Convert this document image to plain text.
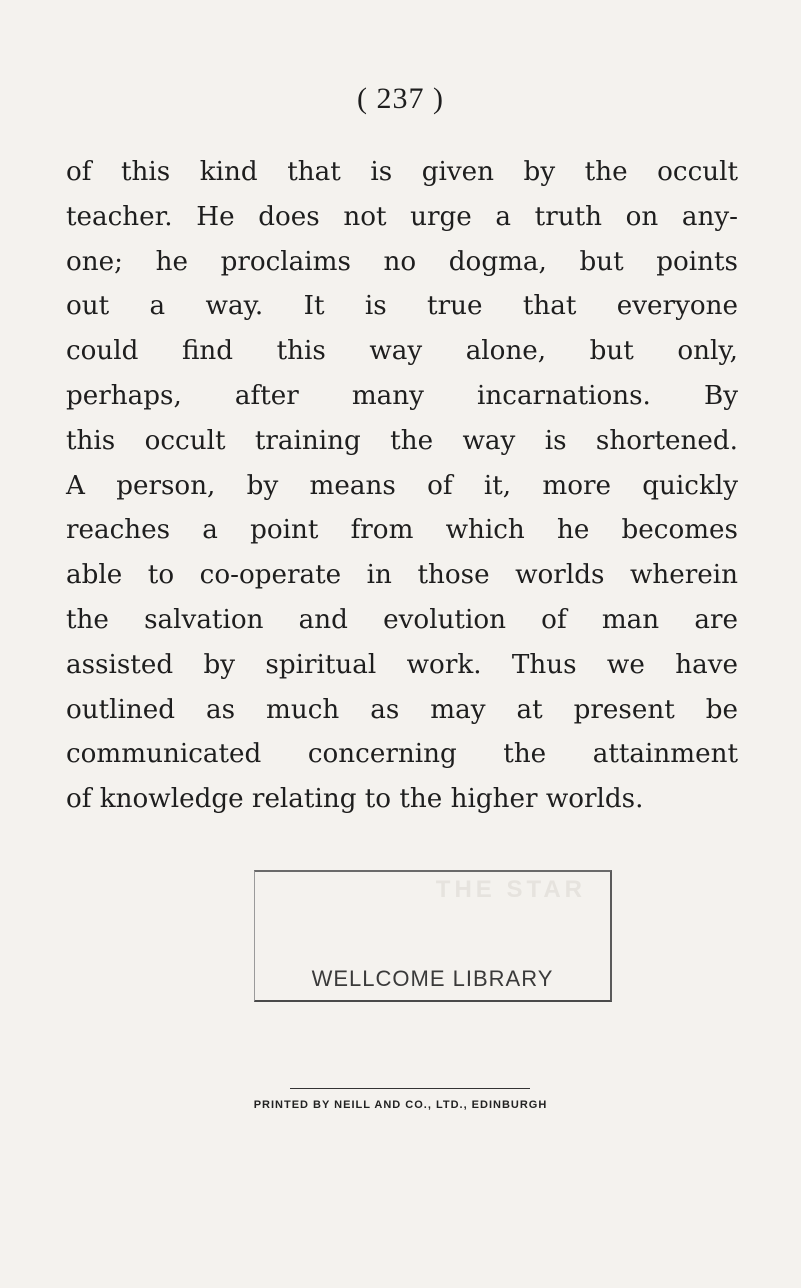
( 237 )

of this kind that is given by the occult
teacher. He does not urge a truth on any-
one; he proclaims no dogma, but points
out a way. It is true that everyone
could find this way alone, but only,
perhaps, after many incarnations. By
this occult training the way is shortened.
A person, by means of it, more quickly
reaches a point from which he becomes
able to co-operate in those worlds wherein
the salvation and evolution of man are
assisted by spiritual work. Thus we have
outlined as much as may at present be
communicated concerning the attainment
of knowledge relating to the higher worlds.

THE STAR
WELLCOME LIBRARY
PRINTED BY NEILL AND CO., LTD., EDINBURGH
